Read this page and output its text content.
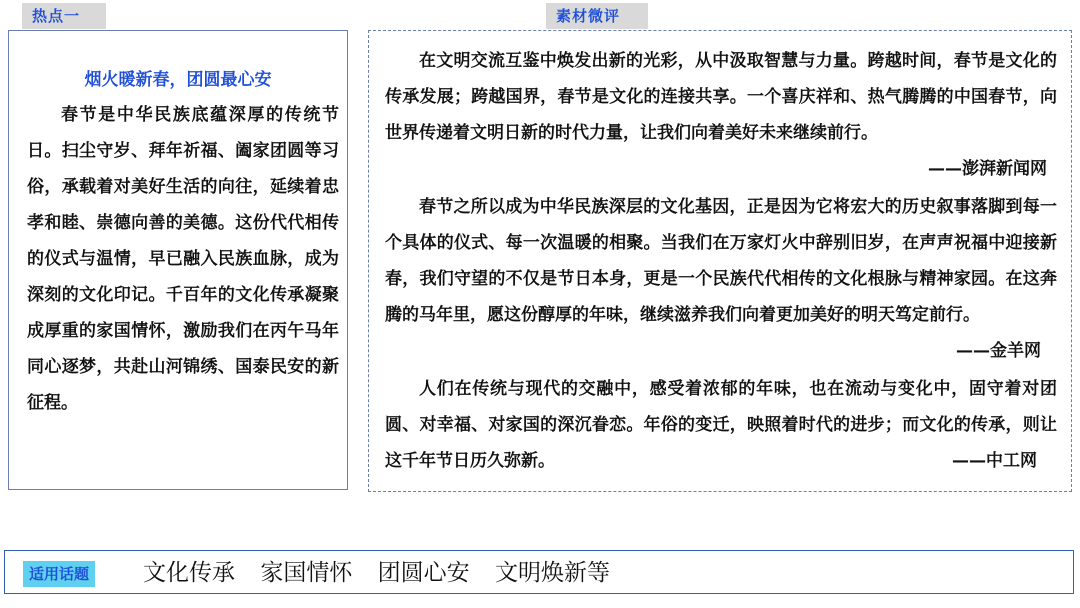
热点一	素材微评
烟火暖新春，团圆最心安
春节是中华民族底蕴深厚的传统节日。扫尘守岁、拜年祈福、阖家团圆等习俗，承载着对美好生活的向往，延续着忠孝和睦、崇德向善的美德。这份代代相传的仪式与温情，早已融入民族血脉，成为深刻的文化印记。千百年的文化传承凝聚成厚重的家国情怀，激励我们在丙午马年同心逐梦，共赴山河锦绣、国泰民安的新征程。
在文明交流互鉴中焕发出新的光彩，从中汲取智慧与力量。跨越时间，春节是文化的传承发展；跨越国界，春节是文化的连接共享。一个喜庆祥和、热气腾腾的中国春节，向世界传递着文明日新的时代力量，让我们向着美好未来继续前行。
——澎湃新闻网
春节之所以成为中华民族深层的文化基因，正是因为它将宏大的历史叙事落脚到每一个具体的仪式、每一次温暖的相聚。当我们在万家灯火中辞别旧岁，在声声祝福中迎接新春，我们守望的不仅是节日本身，更是一个民族代代相传的文化根脉与精神家园。在这奔腾的马年里，愿这份醇厚的年味，继续滋养我们向着更加美好的明天笃定前行。
——金羊网
人们在传统与现代的交融中，感受着浓郁的年味，也在流动与变化中，固守着对团圆、对幸福、对家国的深沉眷恋。年俗的变迁，映照着时代的进步；而文化的传承，则让这千年节日历久弥新。	——中工网
适用话题 文化传承 家国情怀 团圆心安 文明焕新等
